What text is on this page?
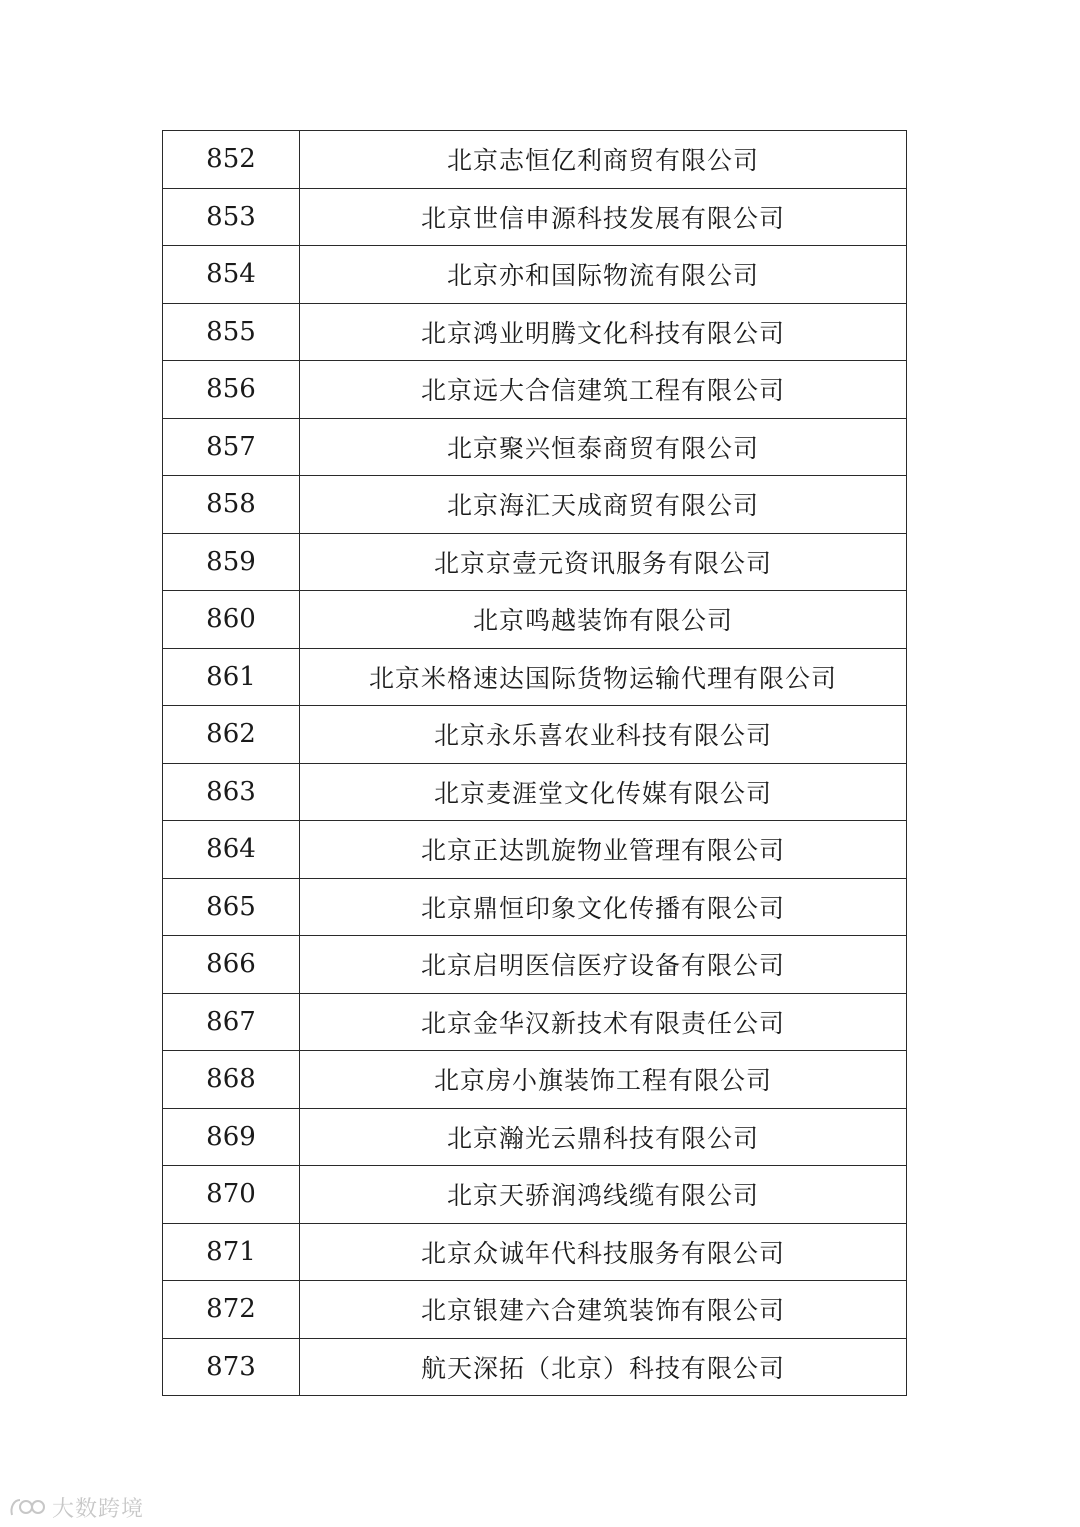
852	北京志恒亿利商贸有限公司
853	北京世信申源科技发展有限公司
854	北京亦和国际物流有限公司
855	北京鸿业明腾文化科技有限公司
856	北京远大合信建筑工程有限公司
857	北京聚兴恒泰商贸有限公司
858	北京海汇天成商贸有限公司
859	北京京壹元资讯服务有限公司
860	北京鸣越装饰有限公司
861	北京米格速达国际货物运输代理有限公司
862	北京永乐喜农业科技有限公司
863	北京麦涯堂文化传媒有限公司
864	北京正达凯旋物业管理有限公司
865	北京鼎恒印象文化传播有限公司
866	北京启明医信医疗设备有限公司
867	北京金华汉新技术有限责任公司
868	北京房小旗装饰工程有限公司
869	北京瀚光云鼎科技有限公司
870	北京天骄润鸿线缆有限公司
871	北京众诚年代科技服务有限公司
872	北京银建六合建筑装饰有限公司
873	航天深拓（北京）科技有限公司
大数跨境
